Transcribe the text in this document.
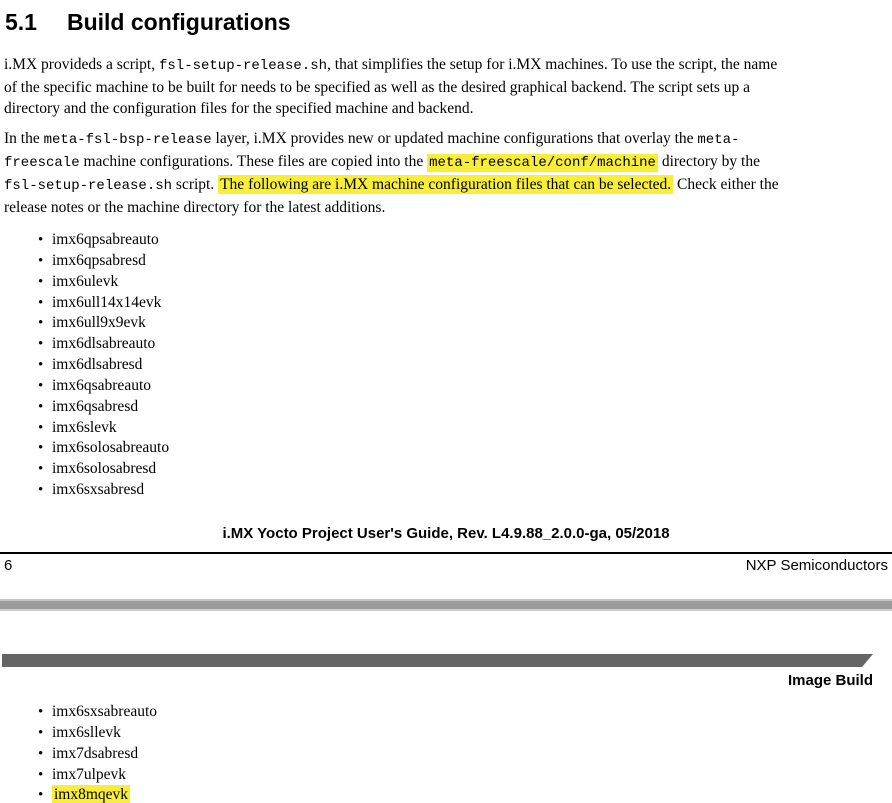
5.1 Build configurations
i.MX provideds a script, fsl-setup-release.sh, that simplifies the setup for i.MX machines. To use the script, the name
of the specific machine to be built for needs to be specified as well as the desired graphical backend. The script sets up a
directory and the configuration files for the specified machine and backend.
In the meta-fsl-bsp-release layer, i.MX provides new or updated machine configurations that overlay the meta-
freescale machine configurations. These files are copied into the meta-freescale/conf/machine directory by the
fsl-setup-release.sh script. The following are i.MX machine configuration files that can be selected. Check either the
release notes or the machine directory for the latest additions.
• imx6qpsabreauto
• imx6qpsabresd
• imx6ulevk
• imx6ull14x14evk
• imx6ull9x9evk
• imx6dlsabreauto
• imx6dlsabresd
• imx6qsabreauto
• imx6qsabresd
• imx6slevk
• imx6solosabreauto
• imx6solosabresd
• imx6sxsabresd
i.MX Yocto Project User's Guide, Rev. L4.9.88_2.0.0-ga, 05/2018
6	NXP Semiconductors
Image Build
• imx6sxsabreauto
• imx6sllevk
• imx7dsabresd
• imx7ulpevk
• imx8mqevk
